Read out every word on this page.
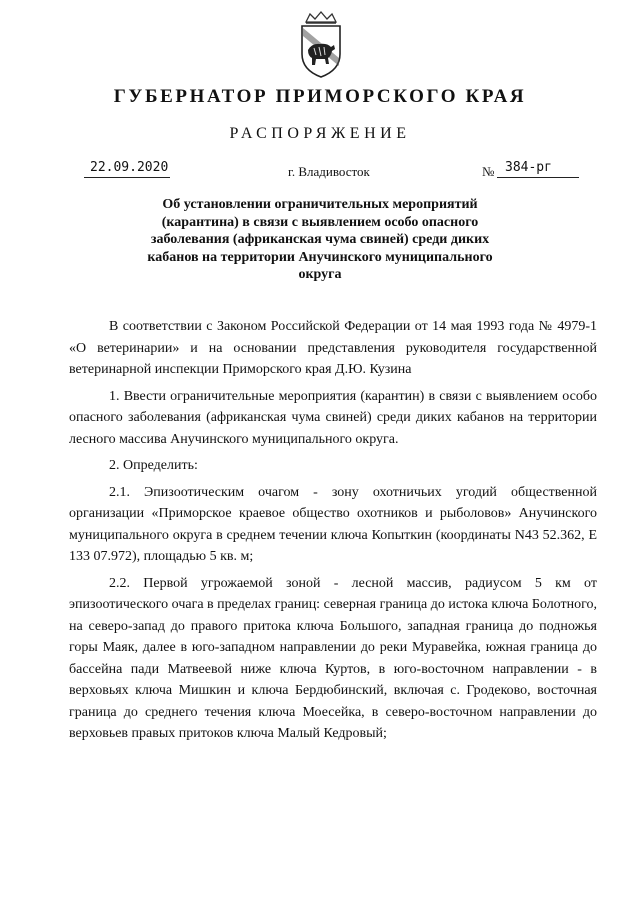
ГУБЕРНАТОР ПРИМОРСКОГО КРАЯ
РАСПОРЯЖЕНИЕ
22.09.2020	г. Владивосток	№ 384-рг
Об установлении ограничительных мероприятий (карантина) в связи с выявлением особо опасного заболевания (африканская чума свиней) среди диких кабанов на территории Анучинского муниципального округа

В соответствии с Законом Российской Федерации от 14 мая 1993 года № 4979-1 «О ветеринарии» и на основании представления руководителя государственной ветеринарной инспекции Приморского края Д.Ю. Кузина

1. Ввести ограничительные мероприятия (карантин) в связи с выявлением особо опасного заболевания (африканская чума свиней) среди диких кабанов на территории лесного массива Анучинского муниципального округа.

2. Определить:

2.1. Эпизоотическим очагом - зону охотничьих угодий общественной организации «Приморское краевое общество охотников и рыболовов» Анучинского муниципального округа в среднем течении ключа Копыткин (координаты N43 52.362, E 133 07.972), площадью 5 кв. м;

2.2. Первой угрожаемой зоной - лесной массив, радиусом 5 км от эпизоотического очага в пределах границ: северная граница до истока ключа Болотного, на северо-запад до правого притока ключа Большого, западная граница до подножья горы Маяк, далее в юго-западном направлении до реки Муравейка, южная граница до бассейна пади Матвеевой ниже ключа Куртов, в юго-восточном направлении - в верховьях ключа Мишкин и ключа Бердюбинский, включая с. Гродеково, восточная граница до среднего течения ключа Моесейка, в северо-восточном направлении до верховьев правых притоков ключа Малый Кедровый;
